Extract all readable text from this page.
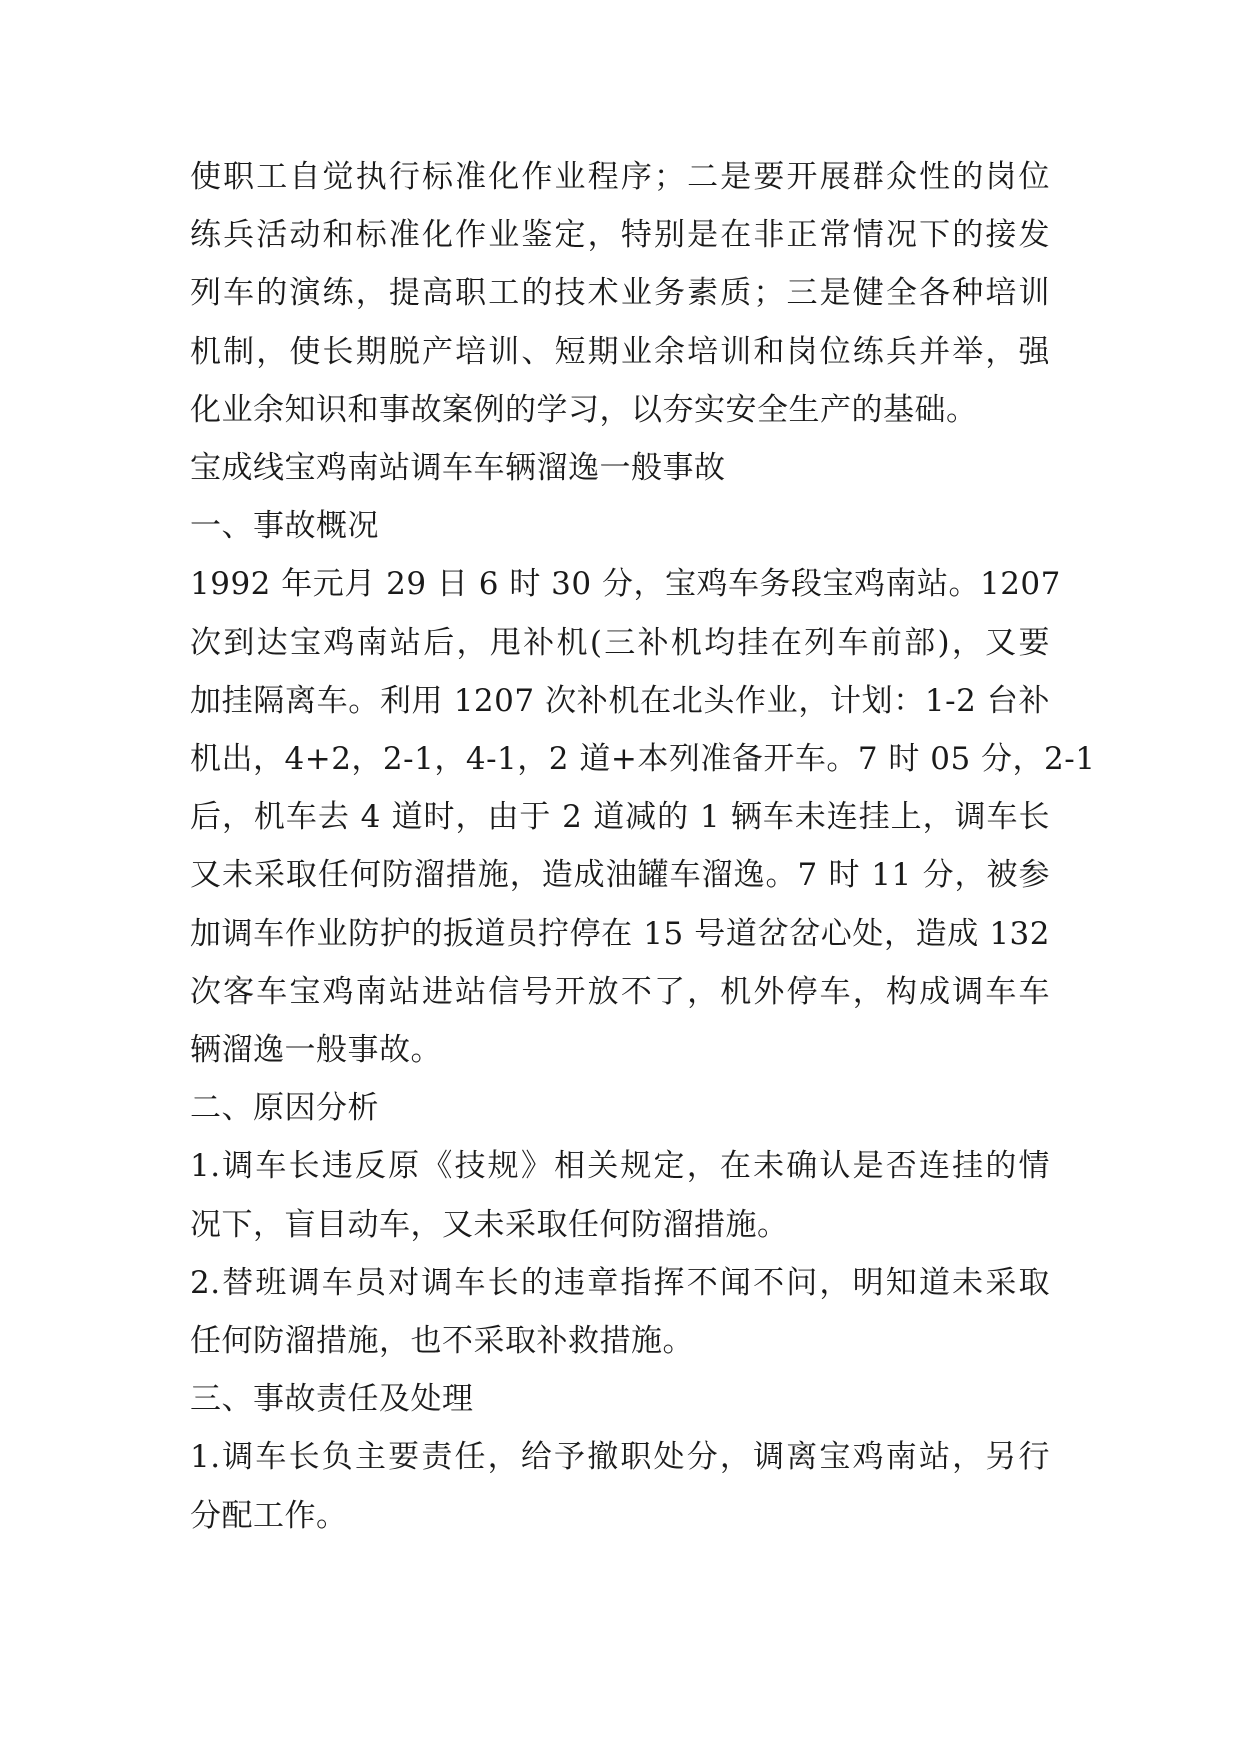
使职工自觉执行标准化作业程序；二是要开展群众性的岗位
练兵活动和标准化作业鉴定，特别是在非正常情况下的接发
列车的演练，提高职工的技术业务素质；三是健全各种培训
机制，使长期脱产培训、短期业余培训和岗位练兵并举，强
化业余知识和事故案例的学习，以夯实安全生产的基础。

宝成线宝鸡南站调车车辆溜逸一般事故

一、事故概况

1992 年元月 29 日 6 时 30 分，宝鸡车务段宝鸡南站。1207
次到达宝鸡南站后，甩补机(三补机均挂在列车前部)，又要
加挂隔离车。利用 1207 次补机在北头作业，计划：1-2 台补
机出，4+2，2-1，4-1，2 道+本列准备开车。7 时 05 分，2-1
后，机车去 4 道时，由于 2 道减的 1 辆车未连挂上，调车长
又未采取任何防溜措施，造成油罐车溜逸。7 时 11 分，被参
加调车作业防护的扳道员拧停在 15 号道岔岔心处，造成 132
次客车宝鸡南站进站信号开放不了，机外停车，构成调车车
辆溜逸一般事故。

二、原因分析

1.调车长违反原《技规》相关规定，在未确认是否连挂的情
况下，盲目动车，又未采取任何防溜措施。

2.替班调车员对调车长的违章指挥不闻不问，明知道未采取
任何防溜措施，也不采取补救措施。

三、事故责任及处理

1.调车长负主要责任，给予撤职处分，调离宝鸡南站，另行
分配工作。
